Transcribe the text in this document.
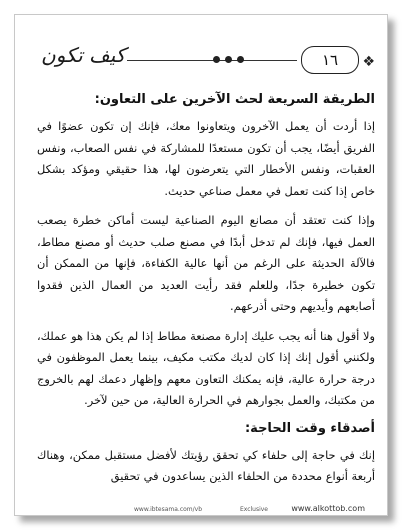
كيف تكون	١٦	❖
الطريقة السريعة لحث الآخرين على التعاون:

إذا أردت أن يعمل الآخرون ويتعاونوا معك، فإنك إن تكون عضوًا في الفريق أيضًا، يجب أن تكون مستعدًا للمشاركة في نفس الصعاب، ونفس العقبات، ونفس الأخطار التي يتعرضون لها، هذا حقيقي ومؤكد بشكل خاص إذا كنت تعمل في معمل صناعي حديث.

وإذا كنت تعتقد أن مصانع اليوم الصناعية ليست أماكن خطرة يصعب العمل فيها، فإنك لم تدخل أبدًا في مصنع صلب حديث أو مصنع مطاط، فالآلة الحديثة على الرغم من أنها عالية الكفاءة، فإنها من الممكن أن تكون خطيرة جدًا، وللعلم فقد رأيت العديد من العمال الذين فقدوا أصابعهم وأيديهم وحتى أذرعهم.

ولا أقول هنا أنه يجب عليك إدارة مصنعة مطاط إذا لم يكن هذا هو عملك، ولكنني أقول إنك إذا كان لديك مكتب مكيف، بينما يعمل الموظفون في درجة حرارة عالية، فإنه يمكنك التعاون معهم وإظهار دعمك لهم بالخروج من مكتبك، والعمل بجوارهم في الحرارة العالية، من حين لآخر.

أصدقاء وقت الحاجة:

إنك في حاجة إلى حلفاء كي تحقق رؤيتك لأفضل مستقبل ممكن، وهناك أربعة أنواع محددة من الحلفاء الذين يساعدون في تحقيق

www.ibtesama.com/vb	Exclusive	www.alkottob.com
